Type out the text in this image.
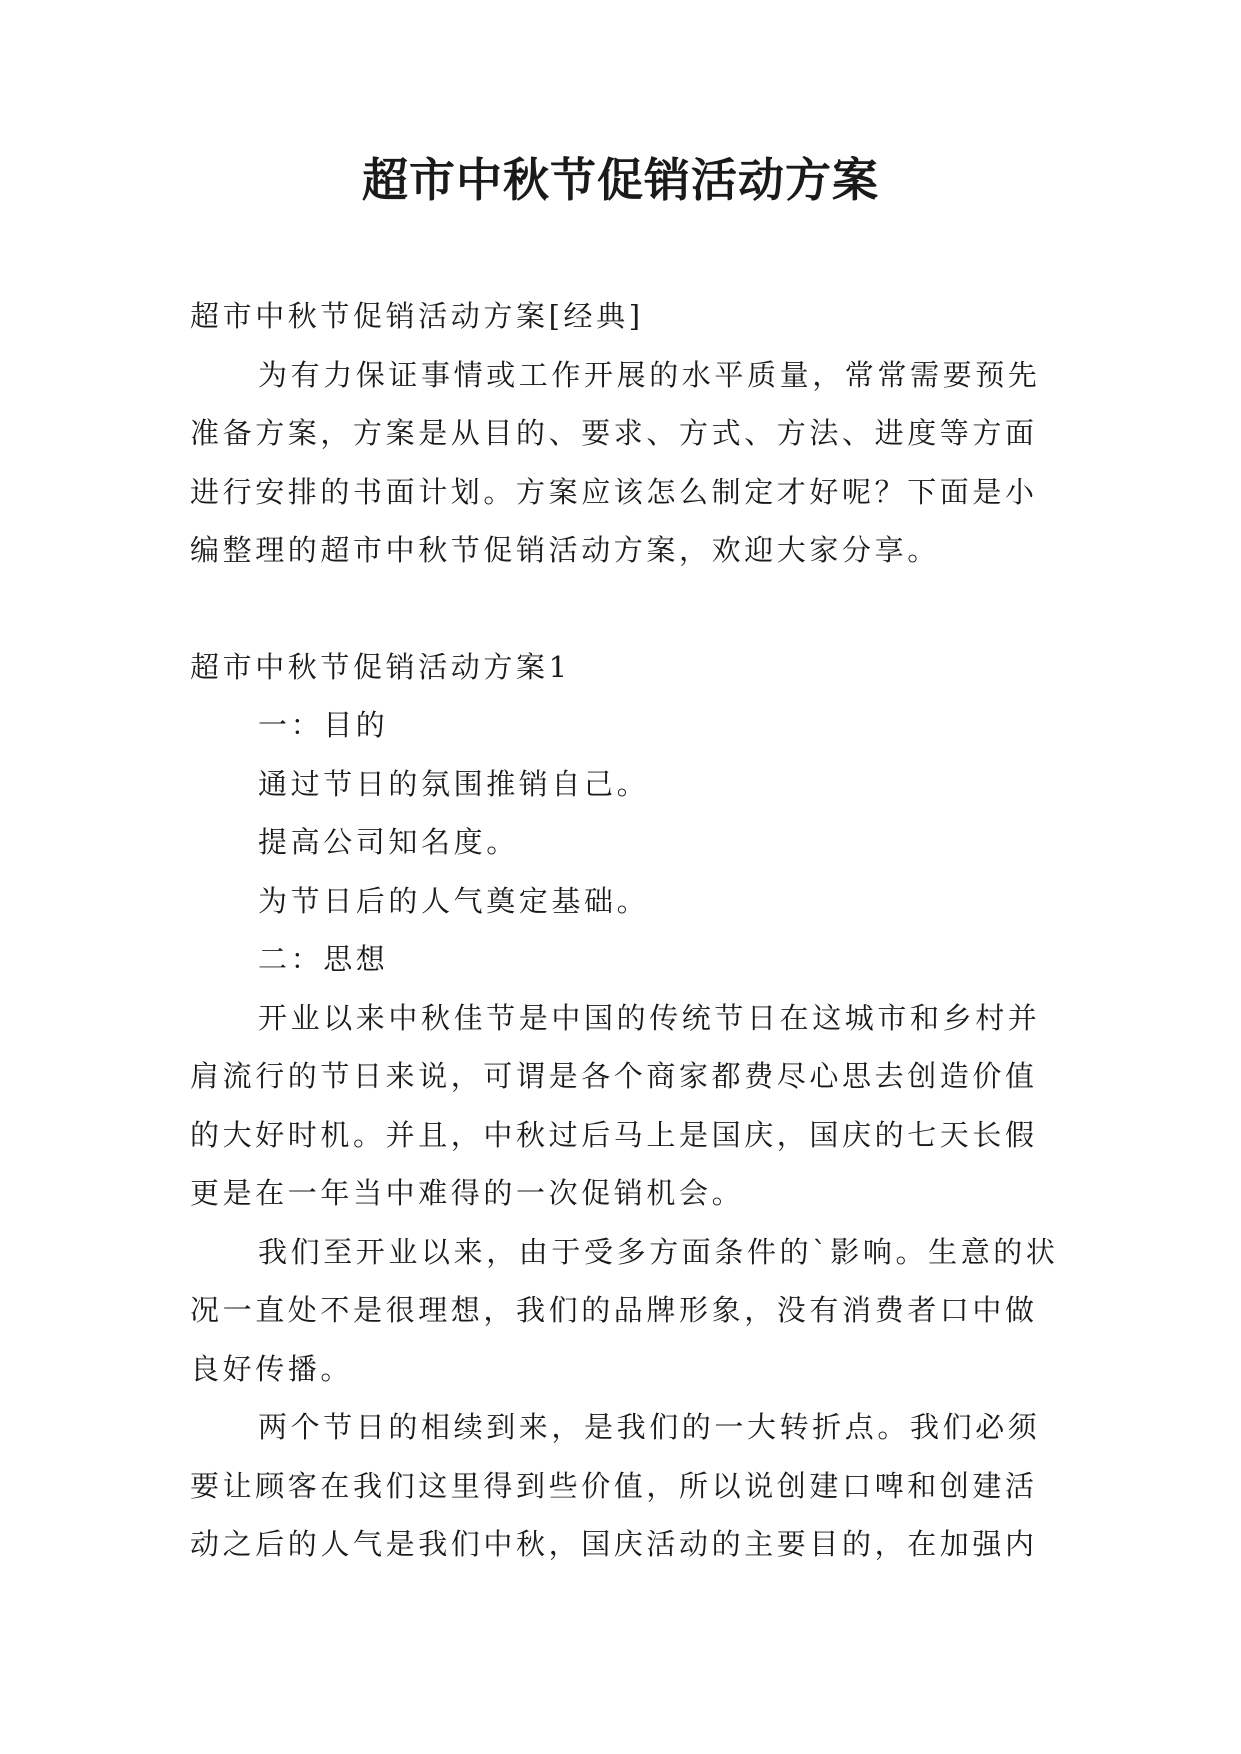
超市中秋节促销活动方案

超市中秋节促销活动方案[经典]

为有力保证事情或工作开展的水平质量，常常需要预先准备方案，方案是从目的、要求、方式、方法、进度等方面进行安排的书面计划。方案应该怎么制定才好呢？下面是小编整理的超市中秋节促销活动方案，欢迎大家分享。

超市中秋节促销活动方案1

一：目的

通过节日的氛围推销自己。

提高公司知名度。

为节日后的人气奠定基础。

二：思想

开业以来中秋佳节是中国的传统节日在这城市和乡村并肩流行的节日来说，可谓是各个商家都费尽心思去创造价值的大好时机。并且，中秋过后马上是国庆，国庆的七天长假更是在一年当中难得的一次促销机会。

我们至开业以来，由于受多方面条件的`影响。生意的状况一直处不是很理想，我们的品牌形象，没有消费者口中做良好传播。

两个节日的相续到来，是我们的一大转折点。我们必须要让顾客在我们这里得到些价值，所以说创建口啤和创建活动之后的人气是我们中秋，国庆活动的主要目的，在加强内
